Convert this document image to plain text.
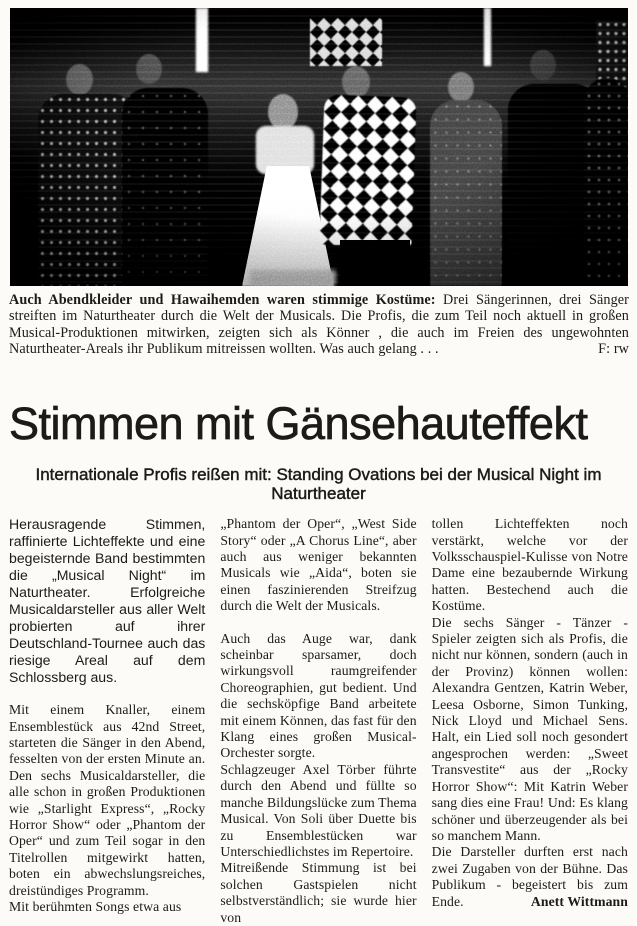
Auch Abendkleider und Hawaihemden waren stimmige Kostüme: Drei Sängerinnen, drei Sänger streiften im Naturtheater durch die Welt der Musicals. Die Profis, die zum Teil noch aktuell in großen Musical-Produktionen mitwirken, zeigten sich als Könner , die auch im Freien des ungewohnten Naturtheater-Areals ihr Publikum mitreissen wollten. Was auch gelang . . .	F: rw

Stimmen mit Gänsehauteffekt
Internationale Profis reißen mit: Standing Ovations bei der Musical Night im Naturtheater

Herausragende Stimmen, raffinierte Lichteffekte und eine begeisternde Band bestimmten die „Musical Night“ im Naturtheater. Erfolgreiche Musicaldarsteller aus aller Welt probierten auf ihrer Deutschland-Tournee auch das riesige Areal auf dem Schlossberg aus.

Mit einem Knaller, einem Ensemblestück aus 42nd Street, starteten die Sänger in den Abend, fesselten von der ersten Minute an. Den sechs Musicaldarsteller, die alle schon in großen Produktionen wie „Starlight Express“, „Rocky Horror Show“ oder „Phantom der Oper“ und zum Teil sogar in den Titelrollen mitgewirkt hatten, boten ein abwechslungsreiches, dreistündiges Programm.

Mit berühmten Songs etwa aus

„Phantom der Oper“, „West Side Story“ oder „A Chorus Line“, aber auch aus weniger bekannten Musicals wie „Aida“, boten sie einen faszinierenden Streifzug durch die Welt der Musicals.

Auch das Auge war, dank scheinbar sparsamer, doch wirkungsvoll raumgreifender Choreographien, gut bedient. Und die sechsköpfige Band arbeitete mit einem Können, das fast für den Klang eines großen Musical-Orchester sorgte.

Schlagzeuger Axel Törber führte durch den Abend und füllte so manche Bildungslücke zum Thema Musical. Von Soli über Duette bis zu Ensemblestücken war Unterschiedlichstes im Repertoire.

Mitreißende Stimmung ist bei solchen Gastspielen nicht selbstverständlich; sie wurde hier von

tollen Lichteffekten noch verstärkt, welche vor der Volksschauspiel-Kulisse von Notre Dame eine bezaubernde Wirkung hatten. Bestechend auch die Kostüme.

Die sechs Sänger - Tänzer - Spieler zeigten sich als Profis, die nicht nur können, sondern (auch in der Provinz) können wollen: Alexandra Gentzen, Katrin Weber, Leesa Osborne, Simon Tunking, Nick Lloyd und Michael Sens. Halt, ein Lied soll noch gesondert angesprochen werden: „Sweet Transvestite“ aus der „Rocky Horror Show“: Mit Katrin Weber sang dies eine Frau! Und: Es klang schöner und überzeugender als bei so manchem Mann.

Die Darsteller durften erst nach zwei Zugaben von der Bühne. Das Publikum - begeistert bis zum Ende.	Anett Wittmann
